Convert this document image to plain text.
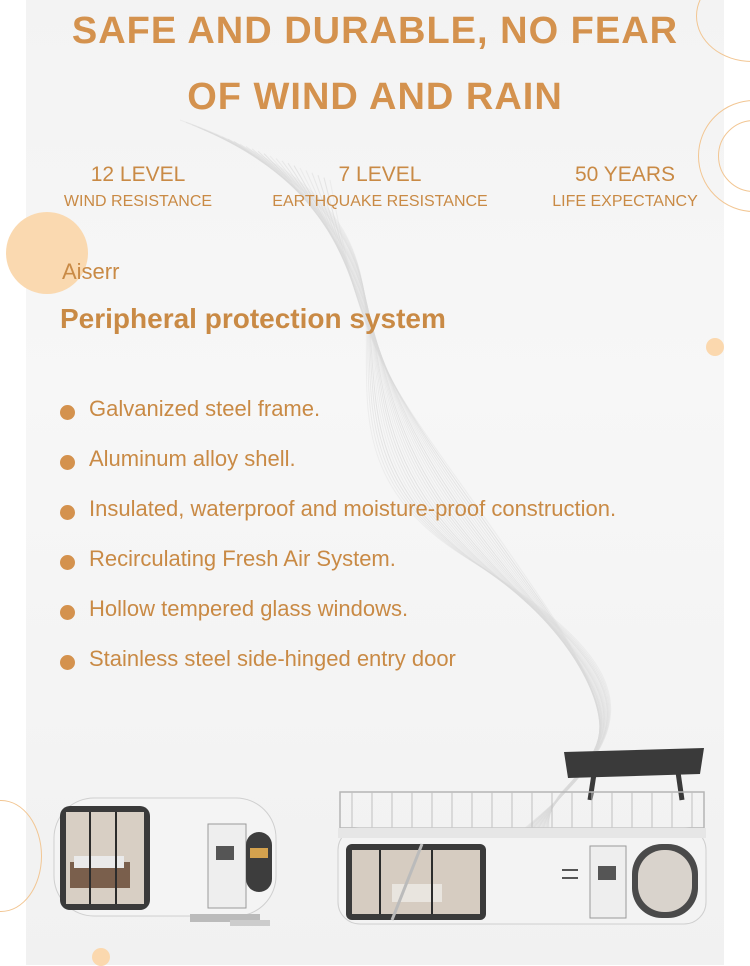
SAFE AND DURABLE, NO FEAR
OF WIND AND RAIN
12 LEVEL
WIND RESISTANCE
7 LEVEL
EARTHQUAKE RESISTANCE
50 YEARS
LIFE EXPECTANCY
Aiserr
Peripheral protection system
Galvanized steel frame.
Aluminum alloy shell.
Insulated, waterproof and moisture-proof construction.
Recirculating Fresh Air System.
Hollow tempered glass windows.
Stainless steel side-hinged entry door
